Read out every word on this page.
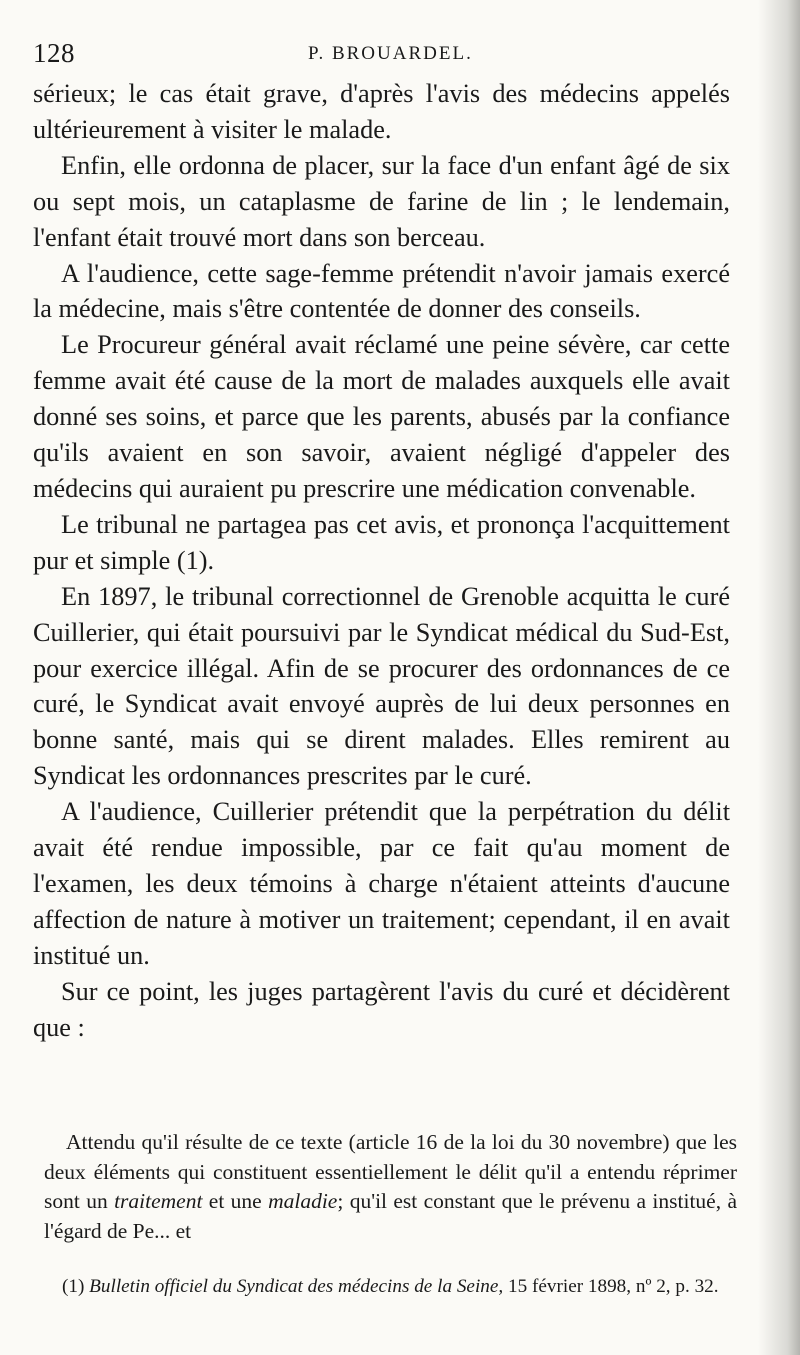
128	P. BROUARDEL.

sérieux; le cas était grave, d'après l'avis des médecins appelés ultérieurement à visiter le malade.

Enfin, elle ordonna de placer, sur la face d'un enfant âgé de six ou sept mois, un cataplasme de farine de lin ; le lendemain, l'enfant était trouvé mort dans son berceau.

A l'audience, cette sage-femme prétendit n'avoir jamais exercé la médecine, mais s'être contentée de donner des conseils.

Le Procureur général avait réclamé une peine sévère, car cette femme avait été cause de la mort de malades auxquels elle avait donné ses soins, et parce que les parents, abusés par la confiance qu'ils avaient en son savoir, avaient négligé d'appeler des médecins qui auraient pu prescrire une médication convenable.

Le tribunal ne partagea pas cet avis, et prononça l'acquittement pur et simple (1).

En 1897, le tribunal correctionnel de Grenoble acquitta le curé Cuillerier, qui était poursuivi par le Syndicat médical du Sud-Est, pour exercice illégal. Afin de se procurer des ordonnances de ce curé, le Syndicat avait envoyé auprès de lui deux personnes en bonne santé, mais qui se dirent malades. Elles remirent au Syndicat les ordonnances prescrites par le curé.

A l'audience, Cuillerier prétendit que la perpétration du délit avait été rendue impossible, par ce fait qu'au moment de l'examen, les deux témoins à charge n'étaient atteints d'aucune affection de nature à motiver un traitement; cependant, il en avait institué un.

Sur ce point, les juges partagèrent l'avis du curé et décidèrent que :

Attendu qu'il résulte de ce texte (article 16 de la loi du 30 novembre) que les deux éléments qui constituent essentiellement le délit qu'il a entendu réprimer sont un traitement et une maladie; qu'il est constant que le prévenu a institué, à l'égard de Pe... et

(1) Bulletin officiel du Syndicat des médecins de la Seine, 15 février 1898, nº 2, p. 32.
